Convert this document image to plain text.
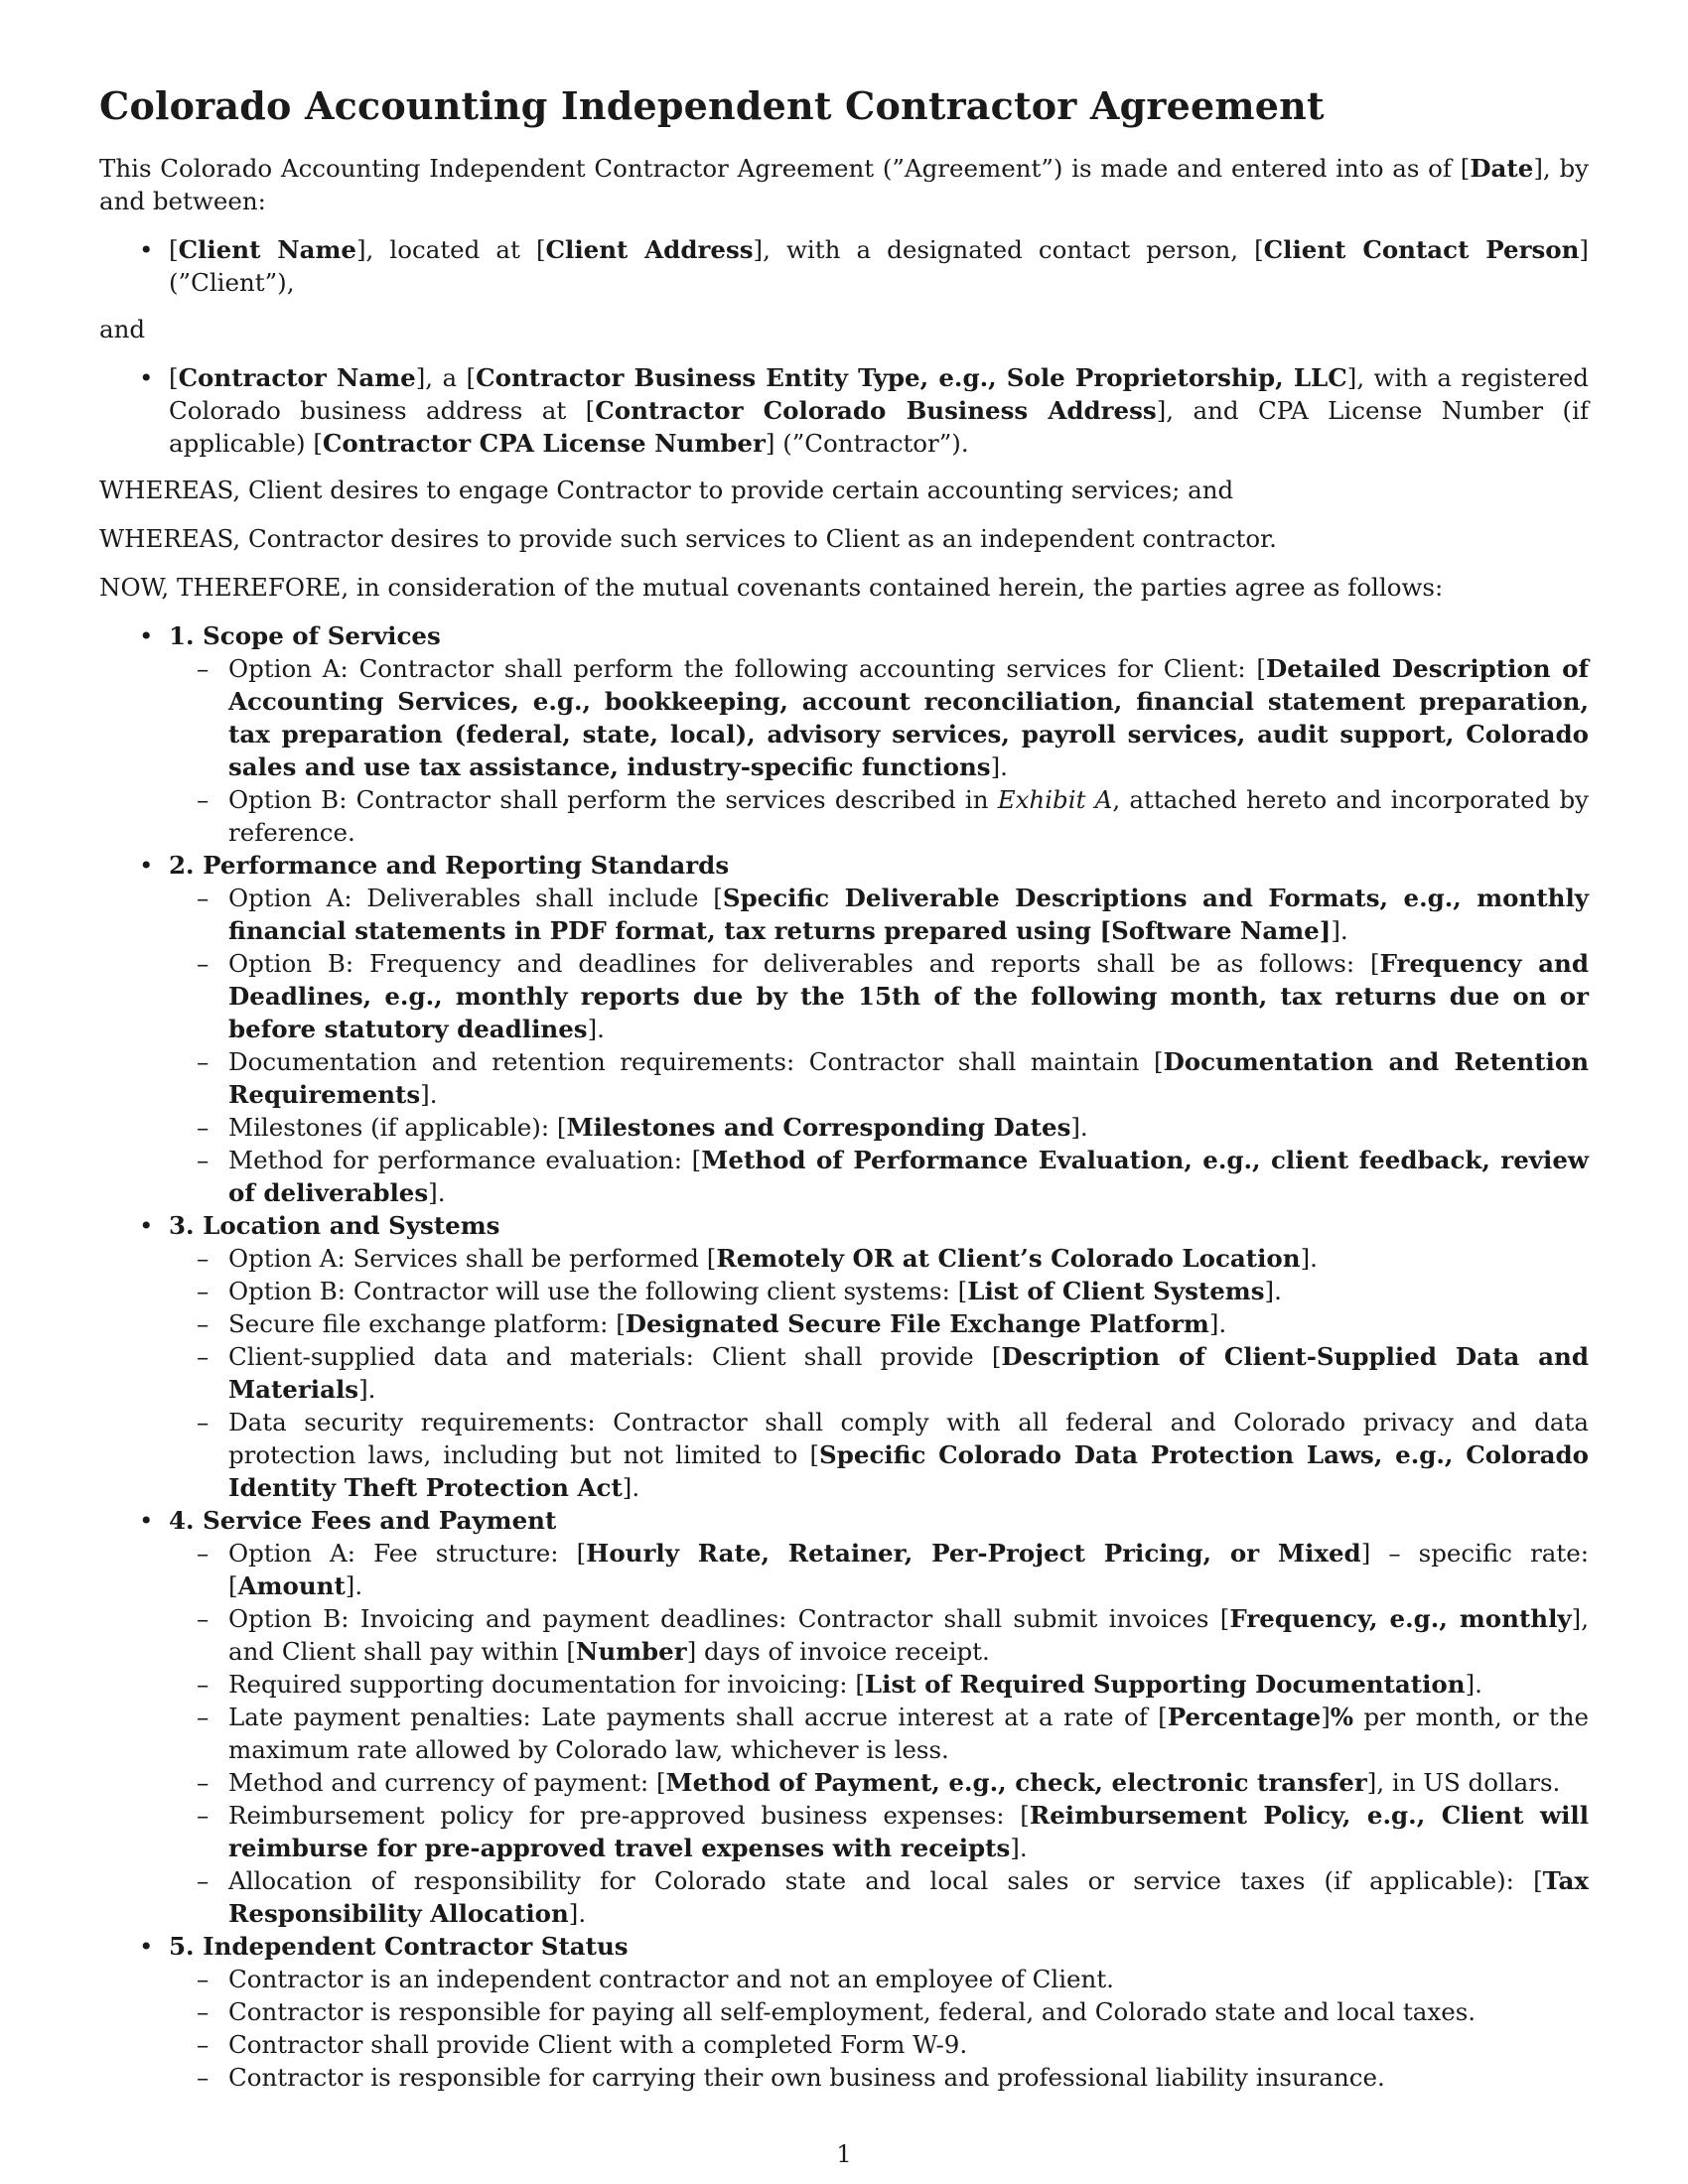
Colorado Accounting Independent Contractor Agreement

This Colorado Accounting Independent Contractor Agreement (”Agreement”) is made and entered into as of [Date], by and between:

• [Client Name], located at [Client Address], with a designated contact person, [Client Contact Person] (”Client”),

and

• [Contractor Name], a [Contractor Business Entity Type, e.g., Sole Proprietorship, LLC], with a registered Colorado business address at [Contractor Colorado Business Address], and CPA License Number (if applicable) [Contractor CPA License Number] (”Contractor”).

WHEREAS, Client desires to engage Contractor to provide certain accounting services; and

WHEREAS, Contractor desires to provide such services to Client as an independent contractor.

NOW, THEREFORE, in consideration of the mutual covenants contained herein, the parties agree as follows:

• 1. Scope of Services
– Option A: Contractor shall perform the following accounting services for Client: [Detailed Description of Accounting Services, e.g., bookkeeping, account reconciliation, financial statement preparation, tax preparation (federal, state, local), advisory services, payroll services, audit support, Colorado sales and use tax assistance, industry-specific functions].
– Option B: Contractor shall perform the services described in Exhibit A, attached hereto and incorporated by reference.
• 2. Performance and Reporting Standards
– Option A: Deliverables shall include [Specific Deliverable Descriptions and Formats, e.g., monthly financial statements in PDF format, tax returns prepared using [Software Name]].
– Option B: Frequency and deadlines for deliverables and reports shall be as follows: [Frequency and Deadlines, e.g., monthly reports due by the 15th of the following month, tax returns due on or before statutory deadlines].
– Documentation and retention requirements: Contractor shall maintain [Documentation and Retention Requirements].
– Milestones (if applicable): [Milestones and Corresponding Dates].
– Method for performance evaluation: [Method of Performance Evaluation, e.g., client feedback, review of deliverables].
• 3. Location and Systems
– Option A: Services shall be performed [Remotely OR at Client’s Colorado Location].
– Option B: Contractor will use the following client systems: [List of Client Systems].
– Secure file exchange platform: [Designated Secure File Exchange Platform].
– Client-supplied data and materials: Client shall provide [Description of Client-Supplied Data and Materials].
– Data security requirements: Contractor shall comply with all federal and Colorado privacy and data protection laws, including but not limited to [Specific Colorado Data Protection Laws, e.g., Colorado Identity Theft Protection Act].
• 4. Service Fees and Payment
– Option A: Fee structure: [Hourly Rate, Retainer, Per-Project Pricing, or Mixed] – specific rate: [Amount].
– Option B: Invoicing and payment deadlines: Contractor shall submit invoices [Frequency, e.g., monthly], and Client shall pay within [Number] days of invoice receipt.
– Required supporting documentation for invoicing: [List of Required Supporting Documentation].
– Late payment penalties: Late payments shall accrue interest at a rate of [Percentage]% per month, or the maximum rate allowed by Colorado law, whichever is less.
– Method and currency of payment: [Method of Payment, e.g., check, electronic transfer], in US dollars.
– Reimbursement policy for pre-approved business expenses: [Reimbursement Policy, e.g., Client will reimburse for pre-approved travel expenses with receipts].
– Allocation of responsibility for Colorado state and local sales or service taxes (if applicable): [Tax Responsibility Allocation].
• 5. Independent Contractor Status
– Contractor is an independent contractor and not an employee of Client.
– Contractor is responsible for paying all self-employment, federal, and Colorado state and local taxes.
– Contractor shall provide Client with a completed Form W-9.
– Contractor is responsible for carrying their own business and professional liability insurance.
1
